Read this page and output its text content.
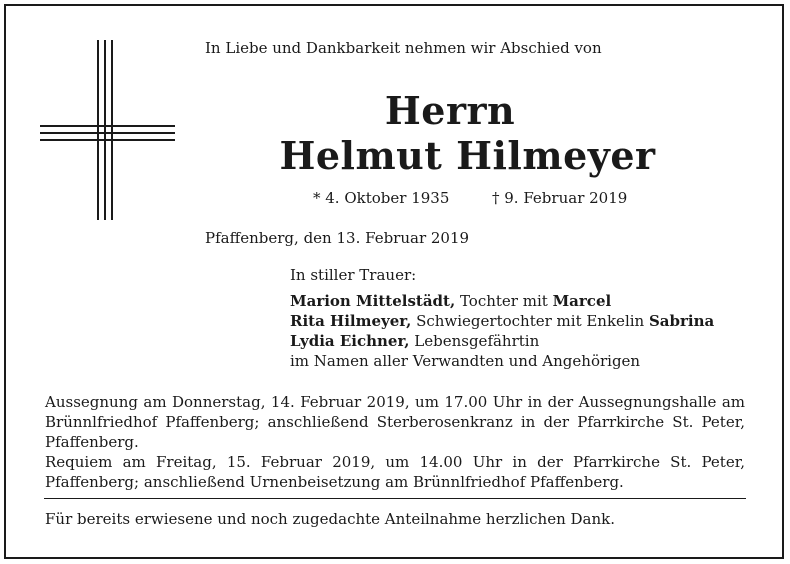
In Liebe und Dankbarkeit nehmen wir Abschied von
Herrn
Helmut Hilmeyer
* 4. Oktober 1935	† 9. Februar 2019
Pfaffenberg, den 13. Februar 2019
In stiller Trauer:
Marion Mittelstädt, Tochter mit Marcel
Rita Hilmeyer, Schwiegertochter mit Enkelin Sabrina
Lydia Eichner, Lebensgefährtin
im Namen aller Verwandten und Angehörigen

Aussegnung am Donnerstag, 14. Februar 2019, um 17.00 Uhr in der Aussegnungshalle am Brünnlfriedhof Pfaffenberg; anschließend Sterberosenkranz in der Pfarrkirche St. Peter, Pfaffenberg.

Requiem am Freitag, 15. Februar 2019, um 14.00 Uhr in der Pfarrkirche St. Peter, Pfaffenberg; anschließend Urnenbeisetzung am Brünnlfriedhof Pfaffenberg.

Für bereits erwiesene und noch zugedachte Anteilnahme herzlichen Dank.
